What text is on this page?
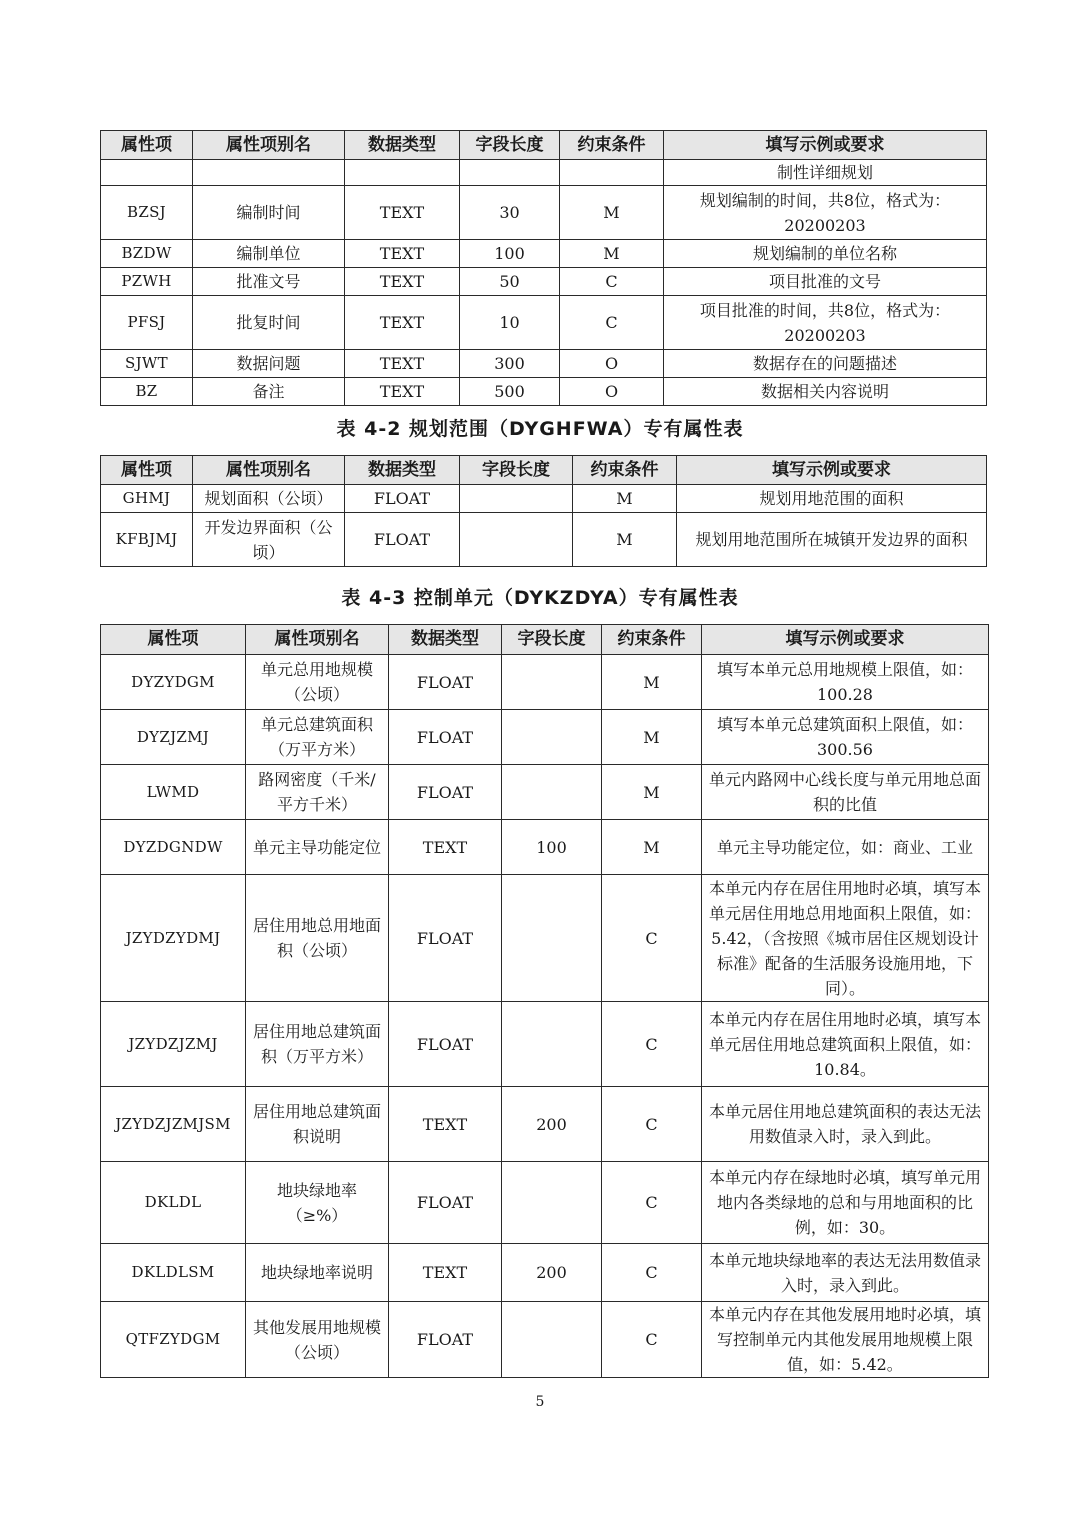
属性项	属性项别名	数据类型	字段长度	约束条件	填写示例或要求
					制性详细规划
BZSJ	编制时间	TEXT	30	M	规划编制的时间，共8位，格式为：20200203
BZDW	编制单位	TEXT	100	M	规划编制的单位名称
PZWH	批准文号	TEXT	50	C	项目批准的文号
PFSJ	批复时间	TEXT	10	C	项目批准的时间，共8位，格式为：20200203
SJWT	数据问题	TEXT	300	O	数据存在的问题描述
BZ	备注	TEXT	500	O	数据相关内容说明
表 4-2 规划范围（DYGHFWA）专有属性表
属性项	属性项别名	数据类型	字段长度	约束条件	填写示例或要求
GHMJ	规划面积（公顷）	FLOAT		M	规划用地范围的面积
KFBJMJ	开发边界面积（公顷）	FLOAT		M	规划用地范围所在城镇开发边界的面积
表 4-3 控制单元（DYKZDYA）专有属性表
属性项	属性项别名	数据类型	字段长度	约束条件	填写示例或要求
DYZYDGM	单元总用地规模（公顷）	FLOAT		M	填写本单元总用地规模上限值，如：100.28
DYZJZMJ	单元总建筑面积（万平方米）	FLOAT		M	填写本单元总建筑面积上限值，如：300.56
LWMD	路网密度（千米/平方千米）	FLOAT		M	单元内路网中心线长度与单元用地总面积的比值
DYZDGNDW	单元主导功能定位	TEXT	100	M	单元主导功能定位，如：商业、工业
JZYDZYDMJ	居住用地总用地面积（公顷）	FLOAT		C	本单元内存在居住用地时必填，填写本单元居住用地总用地面积上限值，如：5.42，（含按照《城市居住区规划设计标准》配备的生活服务设施用地，下同）。
JZYDZJZMJ	居住用地总建筑面积（万平方米）	FLOAT		C	本单元内存在居住用地时必填，填写本单元居住用地总建筑面积上限值，如：10.84。
JZYDZJZMJSM	居住用地总建筑面积说明	TEXT	200	C	本单元居住用地总建筑面积的表达无法用数值录入时，录入到此。
DKLDL	地块绿地率（≥%）	FLOAT		C	本单元内存在绿地时必填，填写单元用地内各类绿地的总和与用地面积的比例，如：30。
DKLDLSM	地块绿地率说明	TEXT	200	C	本单元地块绿地率的表达无法用数值录入时，录入到此。
QTFZYDGM	其他发展用地规模（公顷）	FLOAT		C	本单元内存在其他发展用地时必填，填写控制单元内其他发展用地规模上限值，如：5.42。
5
